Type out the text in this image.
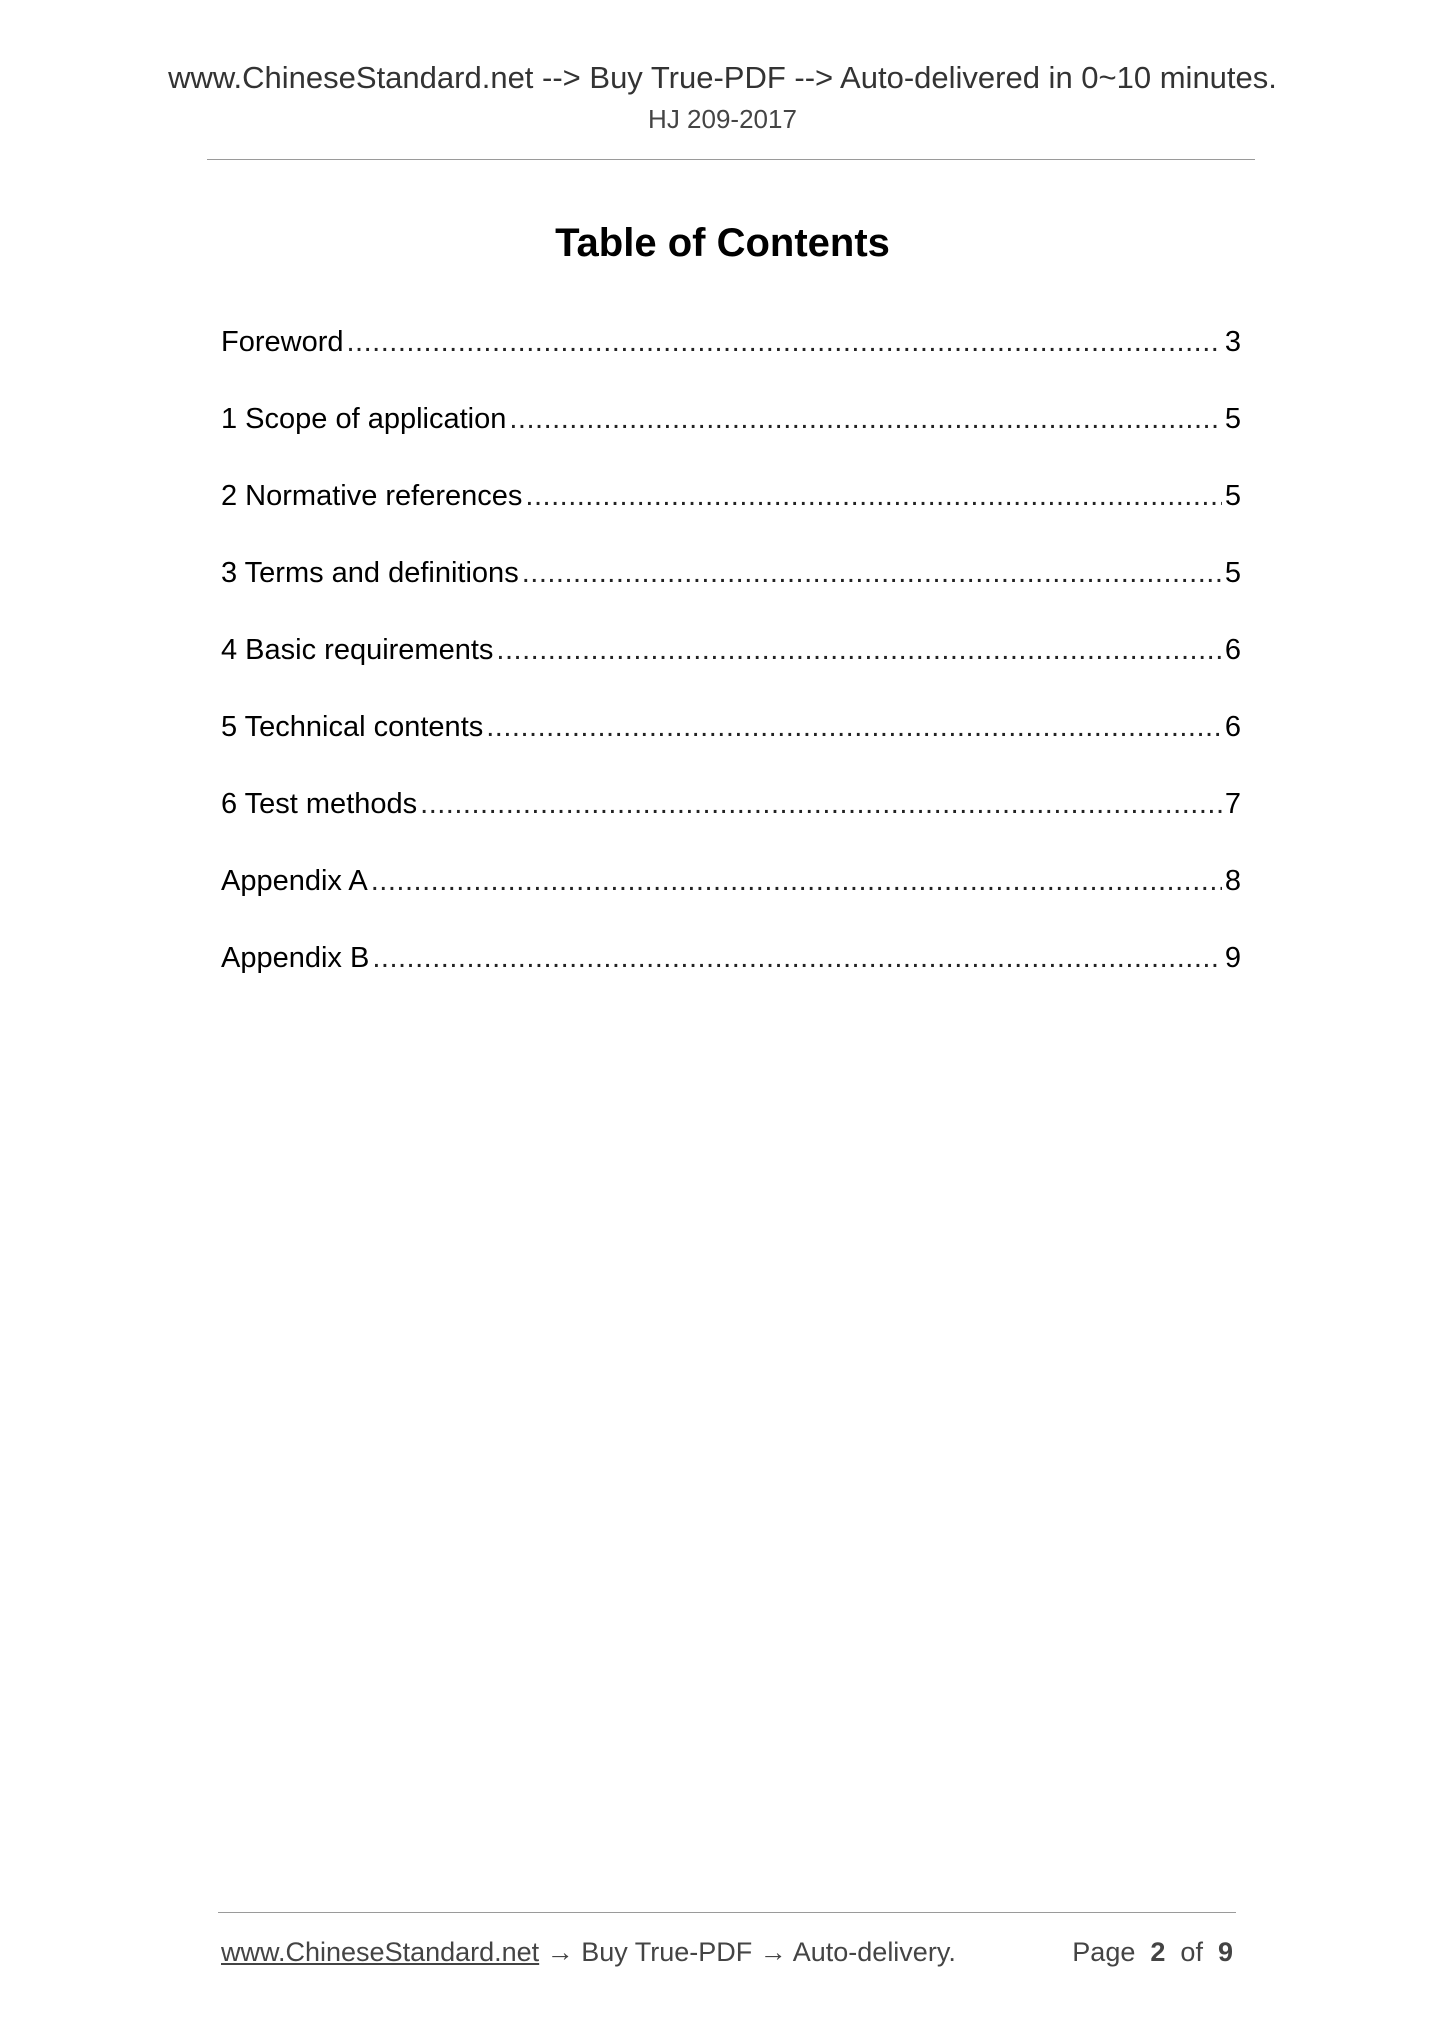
www.ChineseStandard.net --> Buy True-PDF --> Auto-delivered in 0~10 minutes.
HJ 209-2017
Table of Contents
Foreword .....	3
1 Scope of application .....	5
2 Normative references .....	5
3 Terms and definitions .....	5
4 Basic requirements .....	6
5 Technical contents .....	6
6 Test methods .....	7
Appendix A .....	8
Appendix B .....	9
www.ChineseStandard.net → Buy True-PDF → Auto-delivery.	Page 2 of 9
